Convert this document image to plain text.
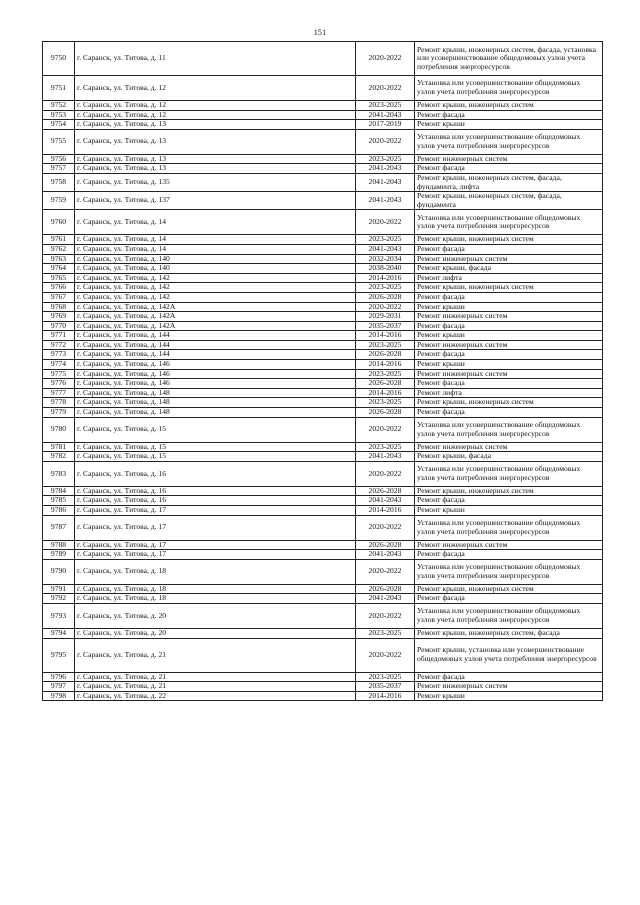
151
9750	г. Саранск, ул. Титова, д. 11	2020-2022	Ремонт крыши, инженерных систем, фасада, установка или усовершенствование общедомовых узлов учета потребления энергоресурсов
9751	г. Саранск, ул. Титова, д. 12	2020-2022	Установка или усовершенствование общедомовых узлов учета потребления энергоресурсов
9752	г. Саранск, ул. Титова, д. 12	2023-2025	Ремонт крыши, инженерных систем
9753	г. Саранск, ул. Титова, д. 12	2041-2043	Ремонт фасада
9754	г. Саранск, ул. Титова, д. 13	2017-2019	Ремонт крыши
9755	г. Саранск, ул. Титова, д. 13	2020-2022	Установка или усовершенствование общедомовых узлов учета потребления энергоресурсов
9756	г. Саранск, ул. Титова, д. 13	2023-2025	Ремонт инженерных систем
9757	г. Саранск, ул. Титова, д. 13	2041-2043	Ремонт фасада
9758	г. Саранск, ул. Титова, д. 135	2041-2043	Ремонт крыши, инженерных систем, фасада, фундамента, лифта
9759	г. Саранск, ул. Титова, д. 137	2041-2043	Ремонт крыши, инженерных систем, фасада, фундамента
9760	г. Саранск, ул. Титова, д. 14	2020-2022	Установка или усовершенствование общедомовых узлов учета потребления энергоресурсов
9761	г. Саранск, ул. Титова, д. 14	2023-2025	Ремонт крыши, инженерных систем
9762	г. Саранск, ул. Титова, д. 14	2041-2043	Ремонт фасада
9763	г. Саранск, ул. Титова, д. 140	2032-2034	Ремонт инженерных систем
9764	г. Саранск, ул. Титова, д. 140	2038-2040	Ремонт крыши, фасада
9765	г. Саранск, ул. Титова, д. 142	2014-2016	Ремонт лифта
9766	г. Саранск, ул. Титова, д. 142	2023-2025	Ремонт крыши, инженерных систем
9767	г. Саранск, ул. Титова, д. 142	2026-2028	Ремонт фасада
9768	г. Саранск, ул. Титова, д. 142А	2020-2022	Ремонт крыши
9769	г. Саранск, ул. Титова, д. 142А	2029-2031	Ремонт инженерных систем
9770	г. Саранск, ул. Титова, д. 142А	2035-2037	Ремонт фасада
9771	г. Саранск, ул. Титова, д. 144	2014-2016	Ремонт крыши
9772	г. Саранск, ул. Титова, д. 144	2023-2025	Ремонт инженерных систем
9773	г. Саранск, ул. Титова, д. 144	2026-2028	Ремонт фасада
9774	г. Саранск, ул. Титова, д. 146	2014-2016	Ремонт крыши
9775	г. Саранск, ул. Титова, д. 146	2023-2025	Ремонт инженерных систем
9776	г. Саранск, ул. Титова, д. 146	2026-2028	Ремонт фасада
9777	г. Саранск, ул. Титова, д. 148	2014-2016	Ремонт лифта
9778	г. Саранск, ул. Титова, д. 148	2023-2025	Ремонт крыши, инженерных систем
9779	г. Саранск, ул. Титова, д. 148	2026-2028	Ремонт фасада
9780	г. Саранск, ул. Титова, д. 15	2020-2022	Установка или усовершенствование общедомовых узлов учета потребления энергоресурсов
9781	г. Саранск, ул. Титова, д. 15	2023-2025	Ремонт инженерных систем
9782	г. Саранск, ул. Титова, д. 15	2041-2043	Ремонт крыши, фасада
9783	г. Саранск, ул. Титова, д. 16	2020-2022	Установка или усовершенствование общедомовых узлов учета потребления энергоресурсов
9784	г. Саранск, ул. Титова, д. 16	2026-2028	Ремонт крыши, инженерных систем
9785	г. Саранск, ул. Титова, д. 16	2041-2043	Ремонт фасада
9786	г. Саранск, ул. Титова, д. 17	2014-2016	Ремонт крыши
9787	г. Саранск, ул. Титова, д. 17	2020-2022	Установка или усовершенствование общедомовых узлов учета потребления энергоресурсов
9788	г. Саранск, ул. Титова, д. 17	2026-2028	Ремонт инженерных систем
9789	г. Саранск, ул. Титова, д. 17	2041-2043	Ремонт фасада
9790	г. Саранск, ул. Титова, д. 18	2020-2022	Установка или усовершенствование общедомовых узлов учета потребления энергоресурсов
9791	г. Саранск, ул. Титова, д. 18	2026-2028	Ремонт крыши, инженерных систем
9792	г. Саранск, ул. Титова, д. 18	2041-2043	Ремонт фасада
9793	г. Саранск, ул. Титова, д. 20	2020-2022	Установка или усовершенствование общедомовых узлов учета потребления энергоресурсов
9794	г. Саранск, ул. Титова, д. 20	2023-2025	Ремонт крыши, инженерных систем, фасада
9795	г. Саранск, ул. Титова, д. 21	2020-2022	Ремонт крыши, установка или усовершенствование общедомовых узлов учета потребления энергоресурсов
9796	г. Саранск, ул. Титова, д. 21	2023-2025	Ремонт фасада
9797	г. Саранск, ул. Титова, д. 21	2035-2037	Ремонт инженерных систем
9798	г. Саранск, ул. Титова, д. 22	2014-2016	Ремонт крыши
